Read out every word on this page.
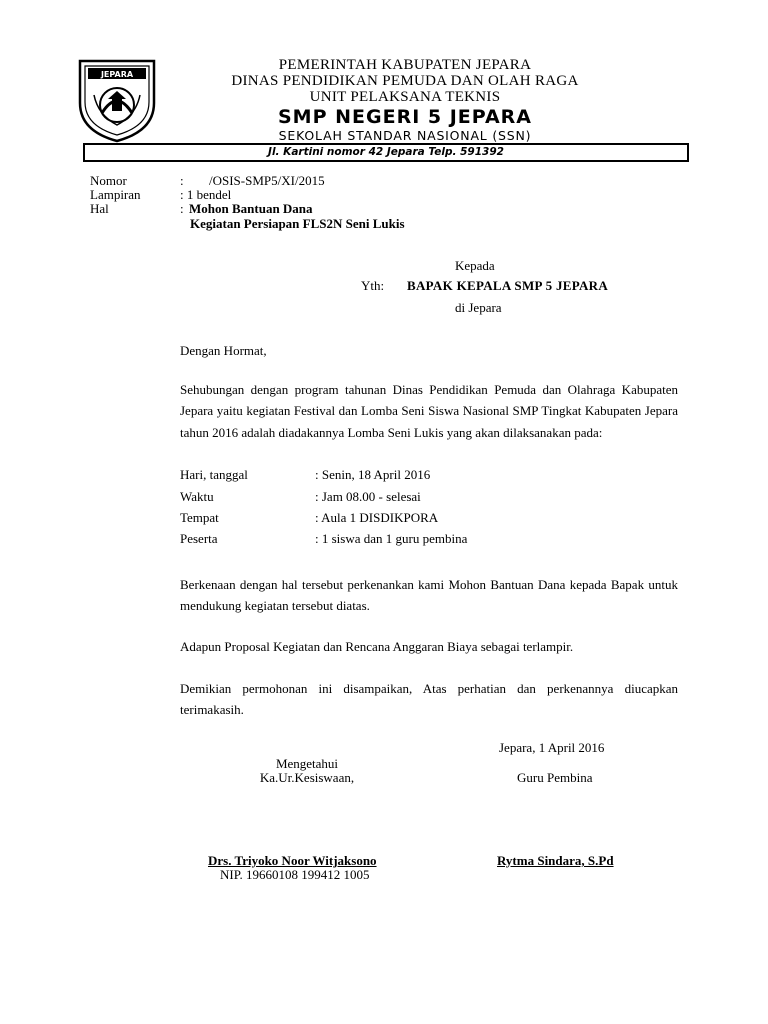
JEPARA
PEMERINTAH KABUPATEN JEPARA
DINAS PENDIDIKAN PEMUDA DAN OLAH RAGA
UNIT PELAKSANA TEKNIS
SMP NEGERI 5 JEPARA
SEKOLAH STANDAR NASIONAL (SSN)
Jl. Kartini nomor 42 Jepara Telp. 591392
Nomor	: /OSIS-SMP5/XI/2015
Lampiran	: 1 bendel
Hal	: Mohon Bantuan Dana
Kegiatan Persiapan FLS2N Seni Lukis
Kepada
Yth: BAPAK KEPALA SMP 5 JEPARA
di Jepara
Dengan Hormat,
Sehubungan dengan program tahunan Dinas Pendidikan Pemuda dan Olahraga Kabupaten Jepara yaitu kegiatan Festival dan Lomba Seni Siswa Nasional SMP Tingkat Kabupaten Jepara tahun 2016 adalah diadakannya Lomba Seni Lukis yang akan dilaksanakan pada:
Hari, tanggal	: Senin, 18 April 2016
Waktu	: Jam 08.00 - selesai
Tempat	: Aula 1 DISDIKPORA
Peserta	: 1 siswa dan 1 guru pembina
Berkenaan dengan hal tersebut perkenankan kami Mohon Bantuan Dana kepada Bapak untuk mendukung kegiatan tersebut diatas.
Adapun Proposal Kegiatan dan Rencana Anggaran Biaya sebagai terlampir.
Demikian permohonan ini disampaikan, Atas perhatian dan perkenannya diucapkan terimakasih.
Jepara, 1 April 2016
Mengetahui
Ka.Ur.Kesiswaan,	Guru Pembina
Drs. Triyoko Noor Witjaksono
NIP. 19660108 199412 1005
Rytma Sindara, S.Pd
